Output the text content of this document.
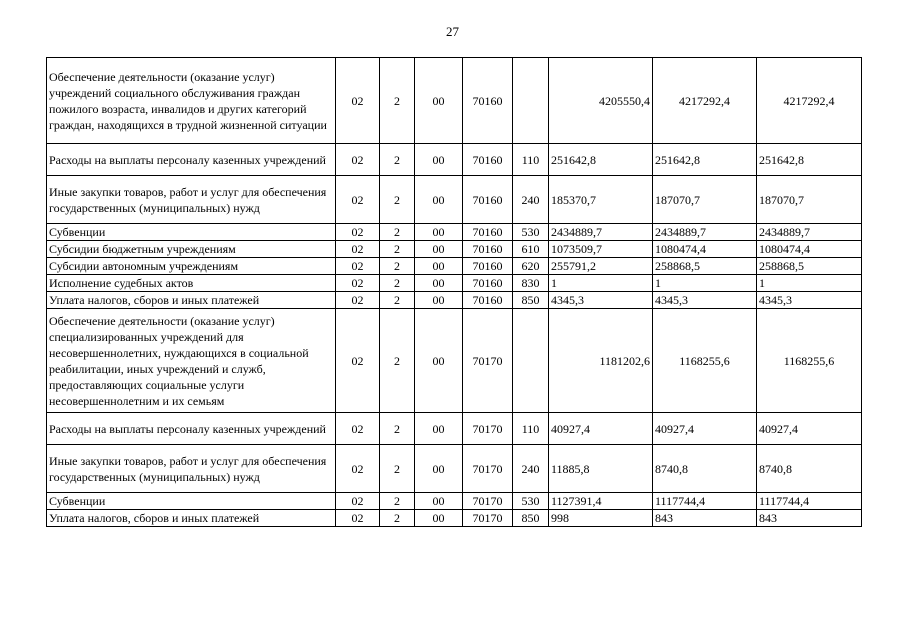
27
Обеспечение деятельности (оказание услуг) учреждений социального обслуживания граждан пожилого возраста, инвалидов и других категорий граждан, находящихся в трудной жизненной ситуации	02	2	00	70160		4205550,4	4217292,4	4217292,4
Расходы на выплаты персоналу казенных учреждений	02	2	00	70160	110	251642,8	251642,8	251642,8
Иные закупки товаров, работ и услуг для обеспечения государственных (муниципальных) нужд	02	2	00	70160	240	185370,7	187070,7	187070,7
Субвенции	02	2	00	70160	530	2434889,7	2434889,7	2434889,7
Субсидии бюджетным учреждениям	02	2	00	70160	610	1073509,7	1080474,4	1080474,4
Субсидии автономным учреждениям	02	2	00	70160	620	255791,2	258868,5	258868,5
Исполнение судебных актов	02	2	00	70160	830	1	1	1
Уплата налогов, сборов и иных платежей	02	2	00	70160	850	4345,3	4345,3	4345,3
Обеспечение деятельности (оказание услуг) специализированных учреждений для несовершеннолетних, нуждающихся в социальной реабилитации, иных учреждений и служб, предоставляющих социальные услуги несовершеннолетним и их семьям	02	2	00	70170		1181202,6	1168255,6	1168255,6
Расходы на выплаты персоналу казенных учреждений	02	2	00	70170	110	40927,4	40927,4	40927,4
Иные закупки товаров, работ и услуг для обеспечения государственных (муниципальных) нужд	02	2	00	70170	240	11885,8	8740,8	8740,8
Субвенции	02	2	00	70170	530	1127391,4	1117744,4	1117744,4
Уплата налогов, сборов и иных платежей	02	2	00	70170	850	998	843	843
